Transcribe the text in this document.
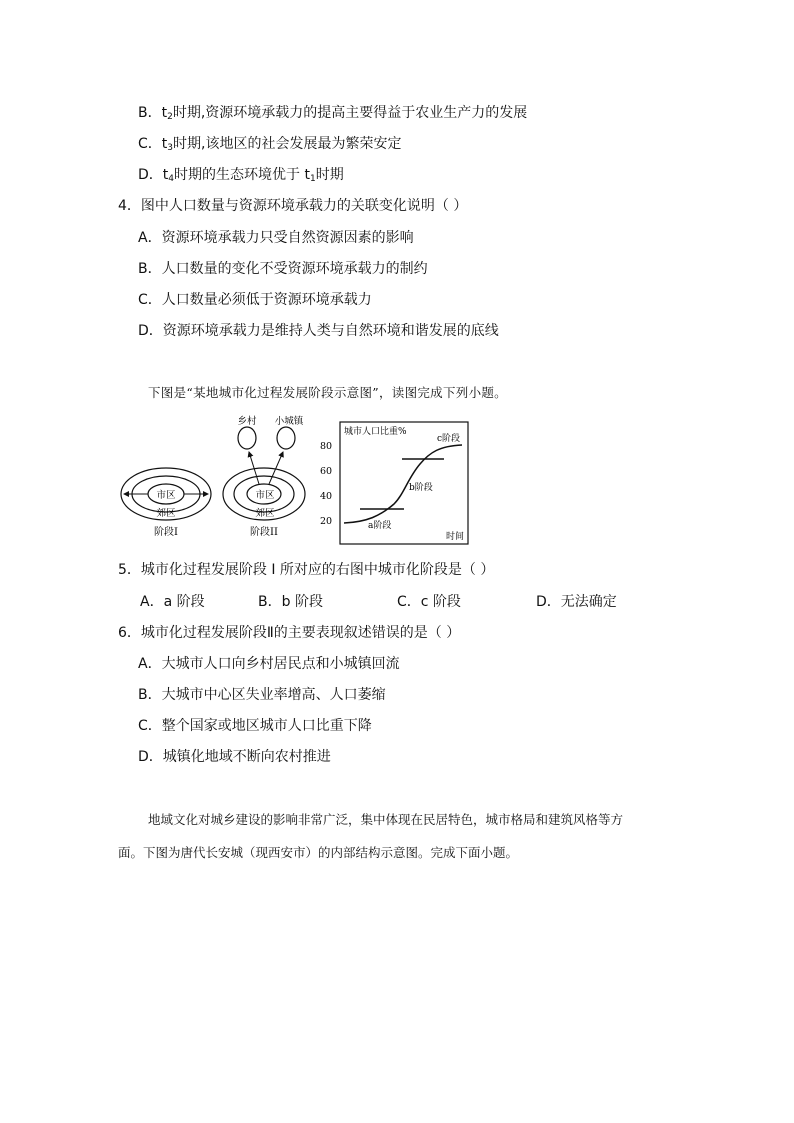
B．$t_2$时期,资源环境承载力的提高主要得益于农业生产力的发展
C．$t_3$时期,该地区的社会发展最为繁荣安定
D．$t_4$时期的生态环境优于 $t_1$时期
4．图中人口数量与资源环境承载力的关联变化说明（ ）
A．资源环境承载力只受自然资源因素的影响
B．人口数量的变化不受资源环境承载力的制约
C．人口数量必须低于资源环境承载力
D．资源环境承载力是维持人类与自然环境和谐发展的底线
下图是“某地城市化过程发展阶段示意图”，读图完成下列小题。
市区
郊区
阶段I
乡村 小城镇
市区
郊区
阶段II
城市人口比重%
80
60
40
20	a阶段
b阶段
c阶段
时间
5．城市化过程发展阶段 I 所对应的右图中城市化阶段是（ ）
A．a 阶段	B．b 阶段	C．c 阶段	D．无法确定
6．城市化过程发展阶段Ⅱ的主要表现叙述错误的是（ ）
A．大城市人口向乡村居民点和小城镇回流
B．大城市中心区失业率增高、人口萎缩
C．整个国家或地区城市人口比重下降
D．城镇化地域不断向农村推进
地域文化对城乡建设的影响非常广泛，集中体现在民居特色，城市格局和建筑风格等方
面。下图为唐代长安城（现西安市）的内部结构示意图。完成下面小题。
